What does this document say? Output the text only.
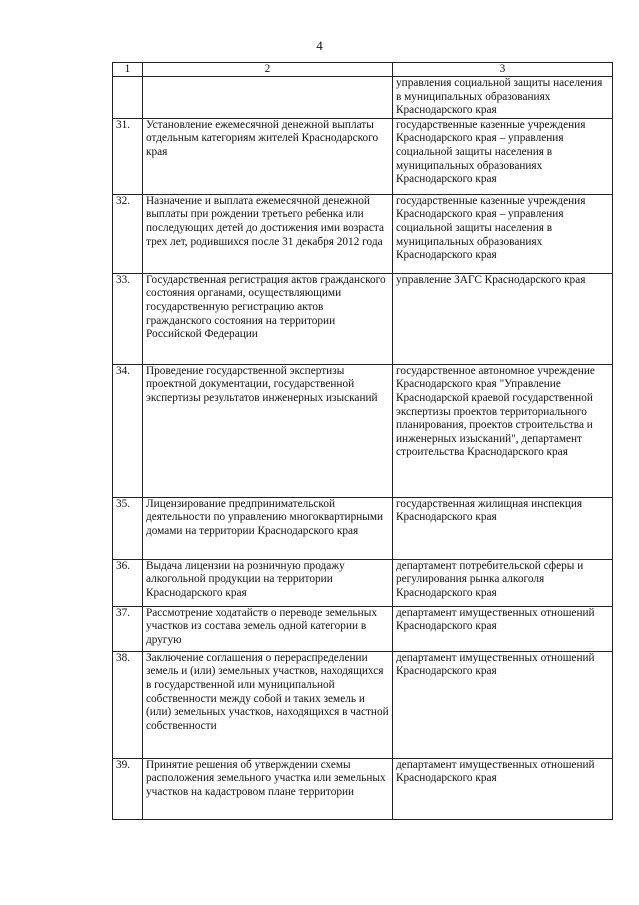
4
1	2	3
		управления социальной защиты населения в муниципальных образованиях Краснодарского края
31.	Установление ежемесячной денежной выплаты отдельным категориям жителей Краснодарского края	государственные казенные учреждения Краснодарского края – управления социальной защиты населения в муниципальных образованиях Краснодарского края
32.	Назначение и выплата ежемесячной денежной выплаты при рождении третьего ребенка или последующих детей до достижения ими возраста трех лет, родившихся после 31 декабря 2012 года	государственные казенные учреждения Краснодарского края – управления социальной защиты населения в муниципальных образованиях Краснодарского края
33.	Государственная регистрация актов гражданского состояния органами, осуществляющими государственную регистрацию актов гражданского состояния на территории Российской Федерации	управление ЗАГС Краснодарского края
34.	Проведение государственной экспертизы проектной документации, государственной экспертизы результатов инженерных изысканий	государственное автономное учреждение Краснодарского края "Управление Краснодарской краевой государственной экспертизы проектов территориального планирования, проектов строительства и инженерных изысканий", департамент строительства Краснодарского края
35.	Лицензирование предпринимательской деятельности по управлению многоквартирными домами на территории Краснодарского края	государственная жилищная инспекция Краснодарского края
36.	Выдача лицензии на розничную продажу алкогольной продукции на территории Краснодарского края	департамент потребительской сферы и регулирования рынка алкоголя Краснодарского края
37.	Рассмотрение ходатайств о переводе земельных участков из состава земель одной категории в другую	департамент имущественных отношений Краснодарского края
38.	Заключение соглашения о перераспределении земель и (или) земельных участков, находящихся в государственной или муниципальной собственности между собой и таких земель и (или) земельных участков, находящихся в частной собственности	департамент имущественных отношений Краснодарского края
39.	Принятие решения об утверждении схемы расположения земельного участка или земельных участков на кадастровом плане территории	департамент имущественных отношений Краснодарского края
